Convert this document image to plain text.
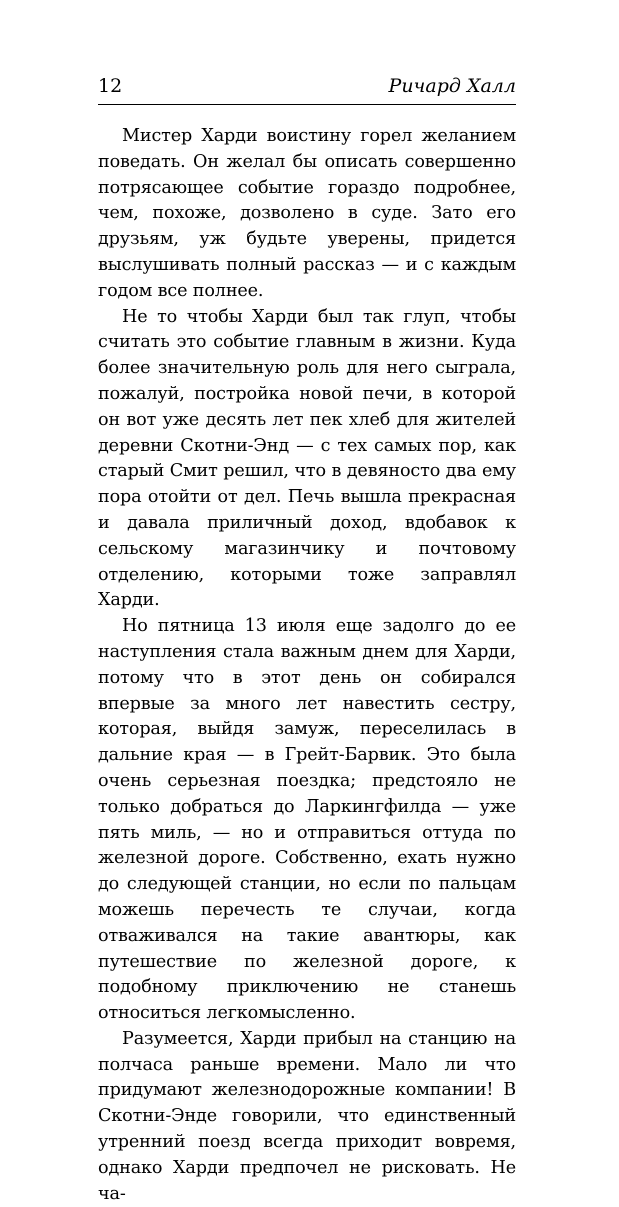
12	Ричард Халл

Мистер Харди воистину горел желанием поведать. Он желал бы описать совершенно потрясающее событие гораздо подробнее, чем, похоже, дозволено в суде. Зато его друзьям, уж будьте уверены, придется выслушивать полный рассказ — и с каждым годом все полнее.

Не то чтобы Харди был так глуп, чтобы считать это событие главным в жизни. Куда более значительную роль для него сыграла, пожалуй, постройка новой печи, в которой он вот уже десять лет пек хлеб для жителей деревни Скотни-Энд — с тех самых пор, как старый Смит решил, что в девяносто два ему пора отойти от дел. Печь вышла прекрасная и давала приличный доход, вдобавок к сельскому магазинчику и почтовому отделению, которыми тоже заправлял Харди.

Но пятница 13 июля еще задолго до ее наступления стала важным днем для Харди, потому что в этот день он собирался впервые за много лет навестить сестру, которая, выйдя замуж, переселилась в дальние края — в Грейт-Барвик. Это была очень серьезная поездка; предстояло не только добраться до Ларкингфилда — уже пять миль, — но и отправиться оттуда по железной дороге. Собственно, ехать нужно до следующей станции, но если по пальцам можешь перечесть те случаи, когда отваживался на такие авантюры, как путешествие по железной дороге, к подобному приключению не станешь относиться легкомысленно.

Разумеется, Харди прибыл на станцию на полчаса раньше времени. Мало ли что придумают железнодорожные компании! В Скотни-Энде говорили, что единственный утренний поезд всегда приходит вовремя, однако Харди предпочел не рисковать. Не ча-
